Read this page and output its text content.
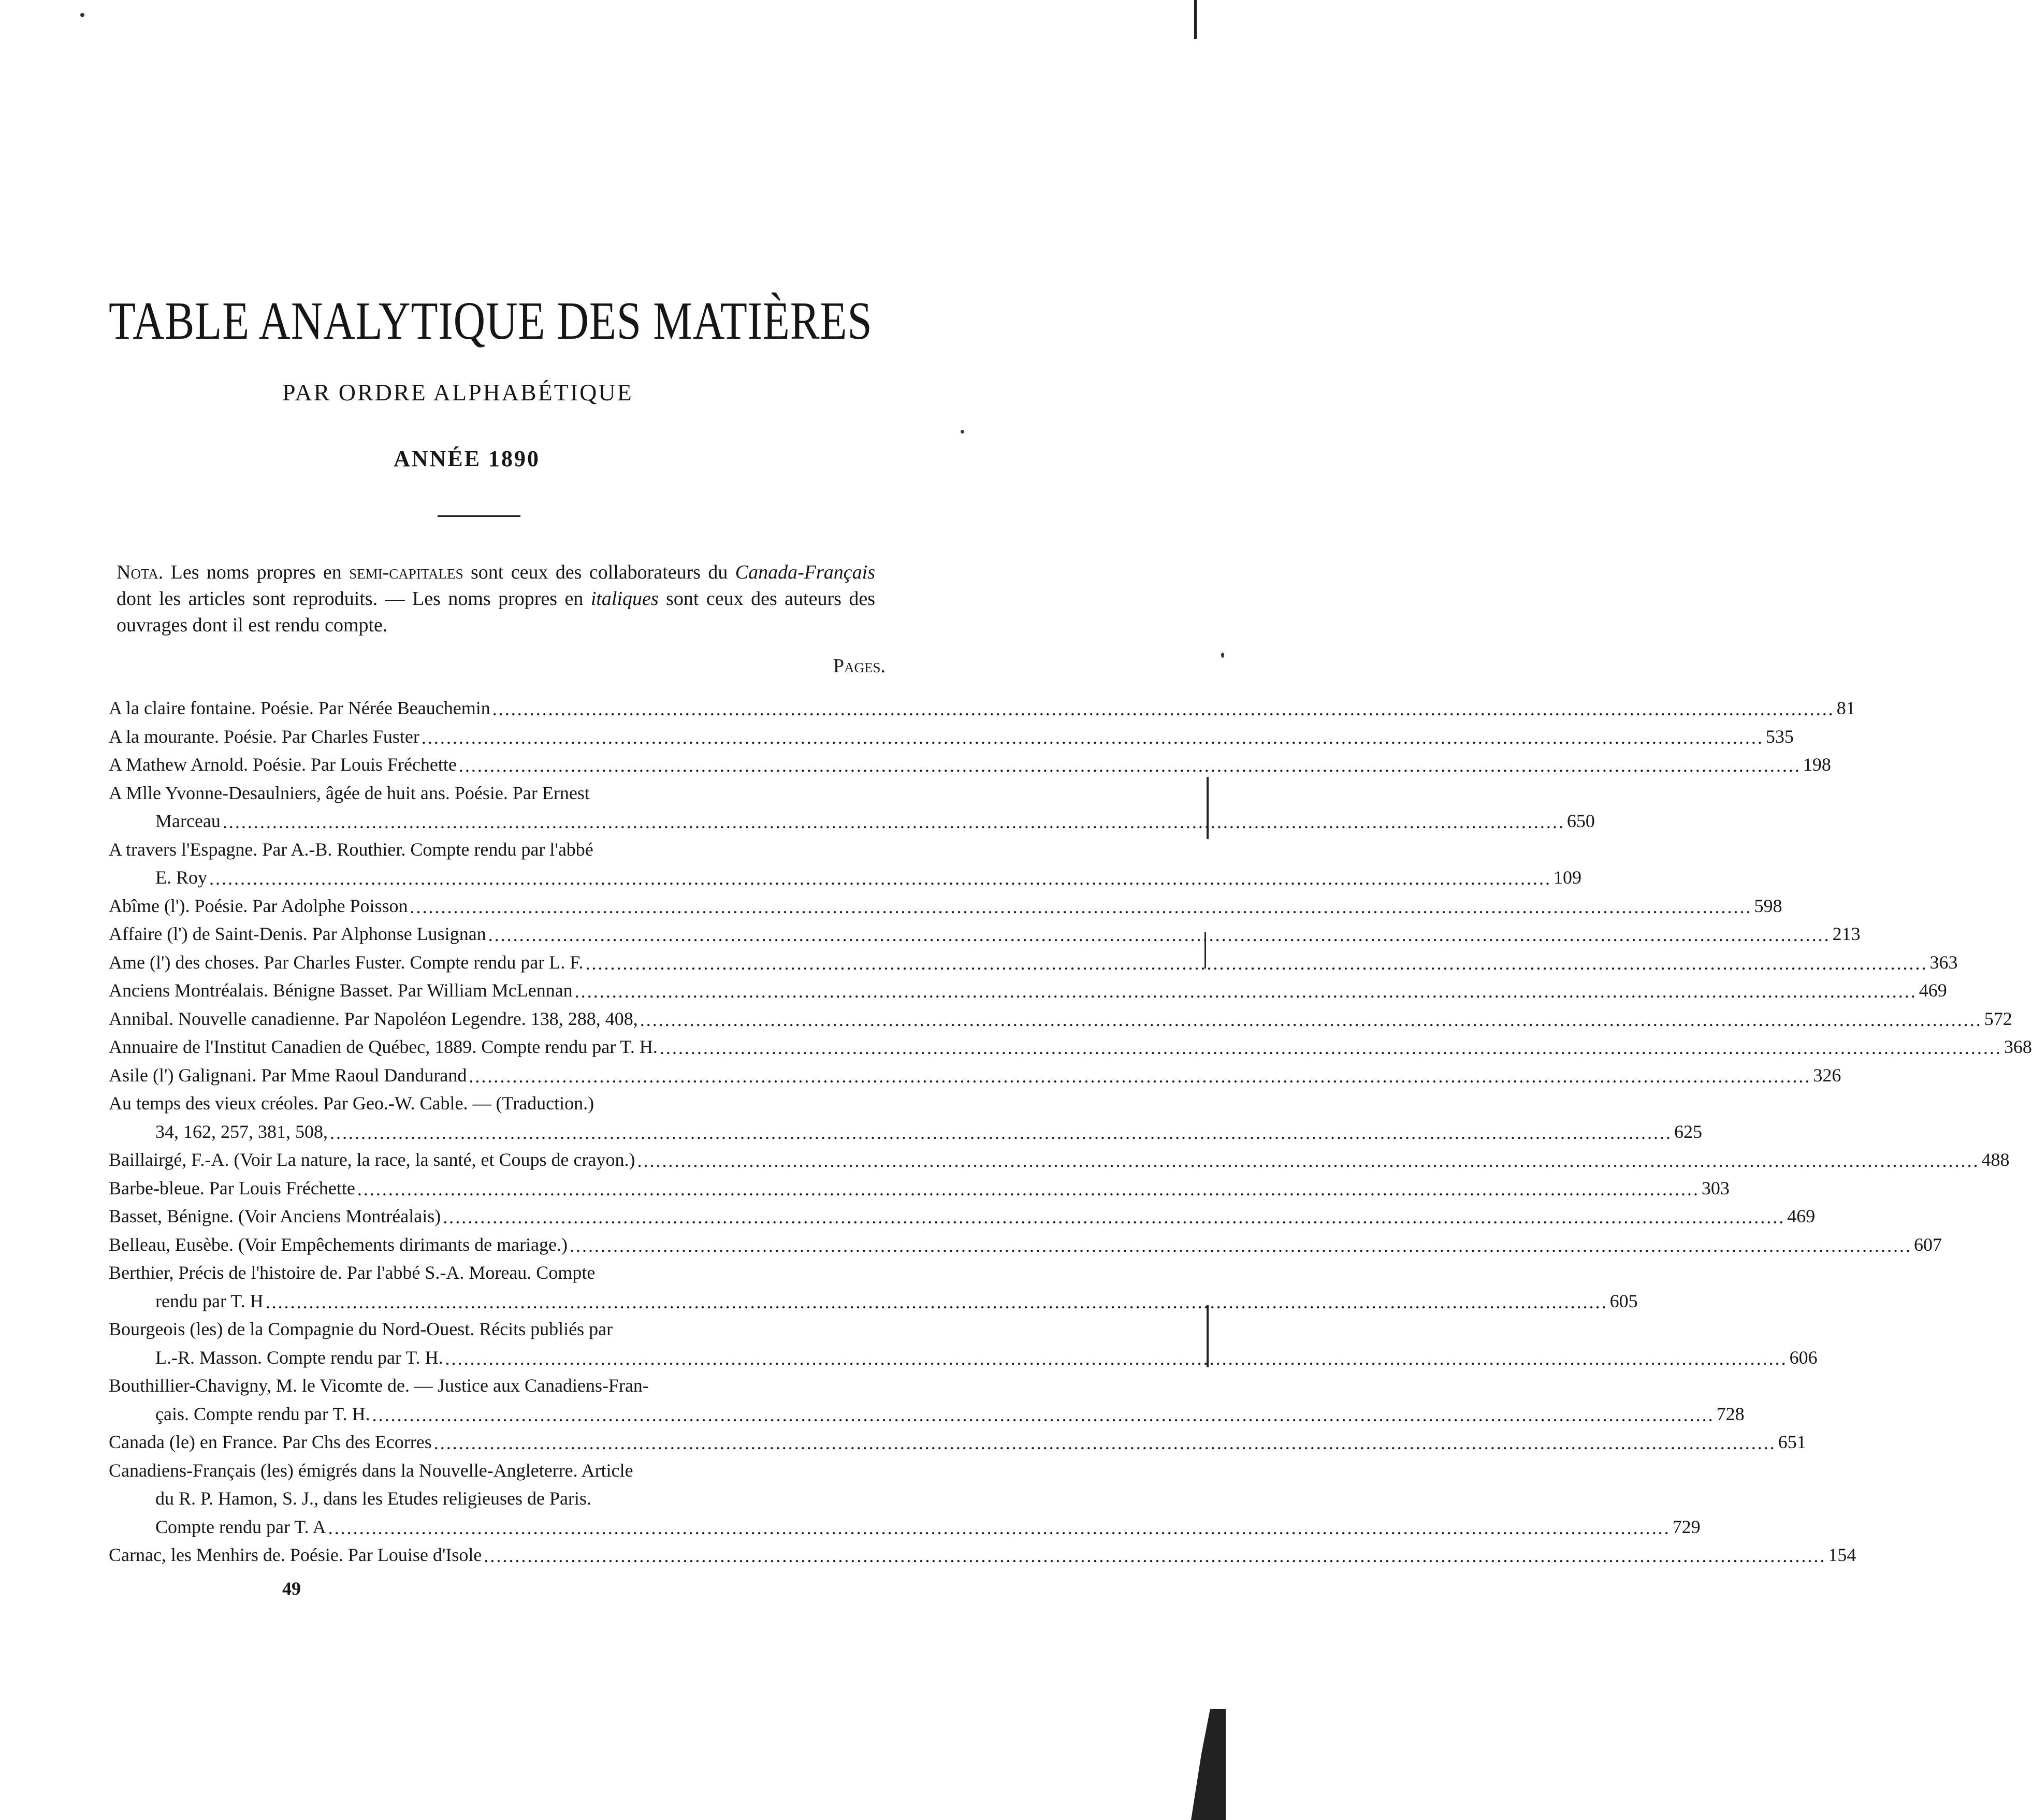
TABLE ANALYTIQUE DES MATIÈRES
PAR ORDRE ALPHABÉTIQUE
ANNÉE 1890
Nota. Les noms propres en semi-capitales sont ceux des collaborateurs du Canada-Français dont les articles sont reproduits. — Les noms propres en italiques sont ceux des auteurs des ouvrages dont il est rendu compte.
Pages.
A la claire fontaine. Poésie. Par Nérée Beauchemin .....	81
A la mourante. Poésie. Par Charles Fuster .....	535
A Mathew Arnold. Poésie. Par Louis Fréchette .....	198
A Mlle Yvonne-Desaulniers, âgée de huit ans. Poésie. Par Ernest
Marceau .....	650
A travers l'Espagne. Par A.-B. Routhier. Compte rendu par l'abbé
E. Roy .....	109
Abîme (l'). Poésie. Par Adolphe Poisson .....	598
Affaire (l') de Saint-Denis. Par Alphonse Lusignan .....	213
Ame (l') des choses. Par Charles Fuster. Compte rendu par L. F. .....	363
Anciens Montréalais. Bénigne Basset. Par William McLennan .....	469
Annibal. Nouvelle canadienne. Par Napoléon Legendre. 138, 288, 408, .....	572
Annuaire de l'Institut Canadien de Québec, 1889. Compte rendu par T. H. .....	368
Asile (l') Galignani. Par Mme Raoul Dandurand .....	326
Au temps des vieux créoles. Par Geo.-W. Cable. — (Traduction.)
34, 162, 257, 381, 508, .....	625
Baillairgé, F.-A. (Voir La nature, la race, la santé, et Coups de crayon.) .....	488
Barbe-bleue. Par Louis Fréchette .....	303
Basset, Bénigne. (Voir Anciens Montréalais) .....	469
Belleau, Eusèbe. (Voir Empêchements dirimants de mariage.) .....	607
Berthier, Précis de l'histoire de. Par l'abbé S.-A. Moreau. Compte
rendu par T. H .....	605
Bourgeois (les) de la Compagnie du Nord-Ouest. Récits publiés par
L.-R. Masson. Compte rendu par T. H. .....	606
Bouthillier-Chavigny, M. le Vicomte de. — Justice aux Canadiens-Fran-
çais. Compte rendu par T. H. .....	728
Canada (le) en France. Par Chs des Ecorres .....	651
Canadiens-Français (les) émigrés dans la Nouvelle-Angleterre. Article
du R. P. Hamon, S. J., dans les Etudes religieuses de Paris.
Compte rendu par T. A .....	729
Carnac, les Menhirs de. Poésie. Par Louise d'Isole .....	154
49
